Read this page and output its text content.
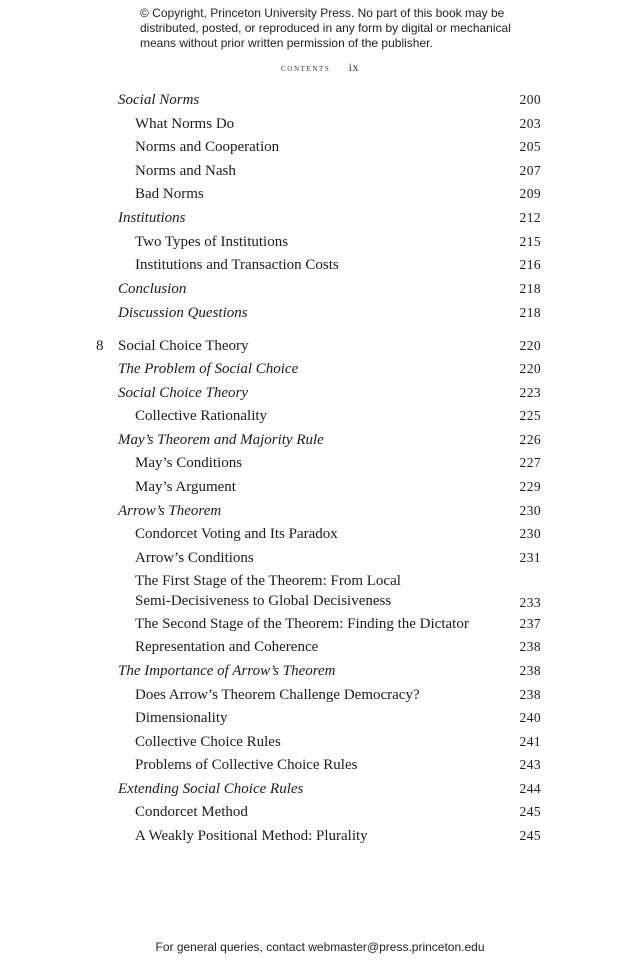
© Copyright, Princeton University Press. No part of this book may be
distributed, posted, or reproduced in any form by digital or mechanical
means without prior written permission of the publisher.
contents ix
Social Norms	200
What Norms Do	203
Norms and Cooperation	205
Norms and Nash	207
Bad Norms	209
Institutions	212
Two Types of Institutions	215
Institutions and Transaction Costs	216
Conclusion	218
Discussion Questions	218
8 Social Choice Theory	220
The Problem of Social Choice	220
Social Choice Theory	223
Collective Rationality	225
May’s Theorem and Majority Rule	226
May’s Conditions	227
May’s Argument	229
Arrow’s Theorem	230
Condorcet Voting and Its Paradox	230
Arrow’s Conditions	231
The First Stage of the Theorem: From Local
Semi-Decisiveness to Global Decisiveness	233
The Second Stage of the Theorem: Finding the Dictator	237
Representation and Coherence	238
The Importance of Arrow’s Theorem	238
Does Arrow’s Theorem Challenge Democracy?	238
Dimensionality	240
Collective Choice Rules	241
Problems of Collective Choice Rules	243
Extending Social Choice Rules	244
Condorcet Method	245
A Weakly Positional Method: Plurality	245
For general queries, contact webmaster@press.princeton.edu
